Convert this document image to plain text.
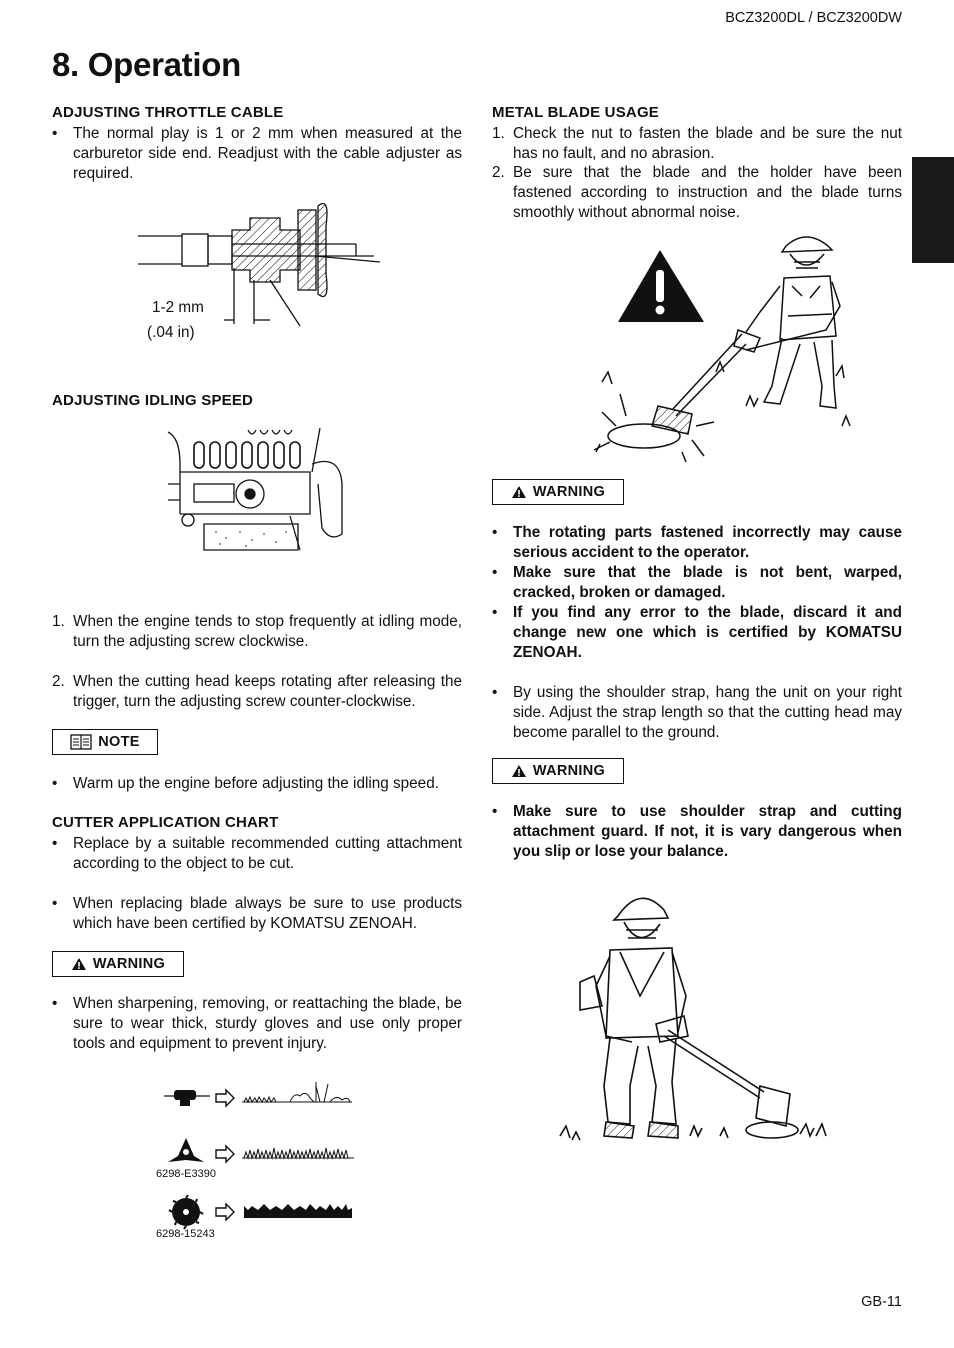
BCZ3200DL / BCZ3200DW
8. Operation
ADJUSTING THROTTLE CABLE
•	The normal play is 1 or 2 mm when measured at the carburetor side end. Readjust with the cable adjuster as required.
1-2 mm
(.04 in)
ADJUSTING IDLING SPEED
1. When the engine tends to stop frequently at idling mode, turn the adjusting screw clockwise.
2. When the cutting head keeps rotating after releasing the trigger, turn the adjusting screw counter-clockwise.
NOTE
•	Warm up the engine before adjusting the idling speed.
CUTTER APPLICATION CHART
•	Replace by a suitable recommended cutting attachment according to the object to be cut.
•	When replacing blade always be sure to use products which have been certified by KOMATSU ZENOAH.
WARNING
•	When sharpening, removing, or reattaching the blade, be sure to wear thick, sturdy gloves and use only proper tools and equipment to prevent injury.
6298-E3390
6298-15243
METAL BLADE USAGE
1. Check the nut to fasten the blade and be sure the nut has no fault, and no abrasion.
2. Be sure that the blade and the holder have been fastened according to instruction and the blade turns smoothly without abnormal noise.
WARNING
•	The rotating parts fastened incorrectly may cause serious accident to the operator.
•	Make sure that the blade is not bent, warped, cracked, broken or damaged.
•	If you find any error to the blade, discard it and change new one which is certified by KOMATSU ZENOAH.
•	By using the shoulder strap, hang the unit on your right side. Adjust the strap length so that the cutting head may become parallel to the ground.
WARNING
•	Make sure to use shoulder strap and cutting attachment guard. If not, it is vary dangerous when you slip or lose your balance.
GB-11
